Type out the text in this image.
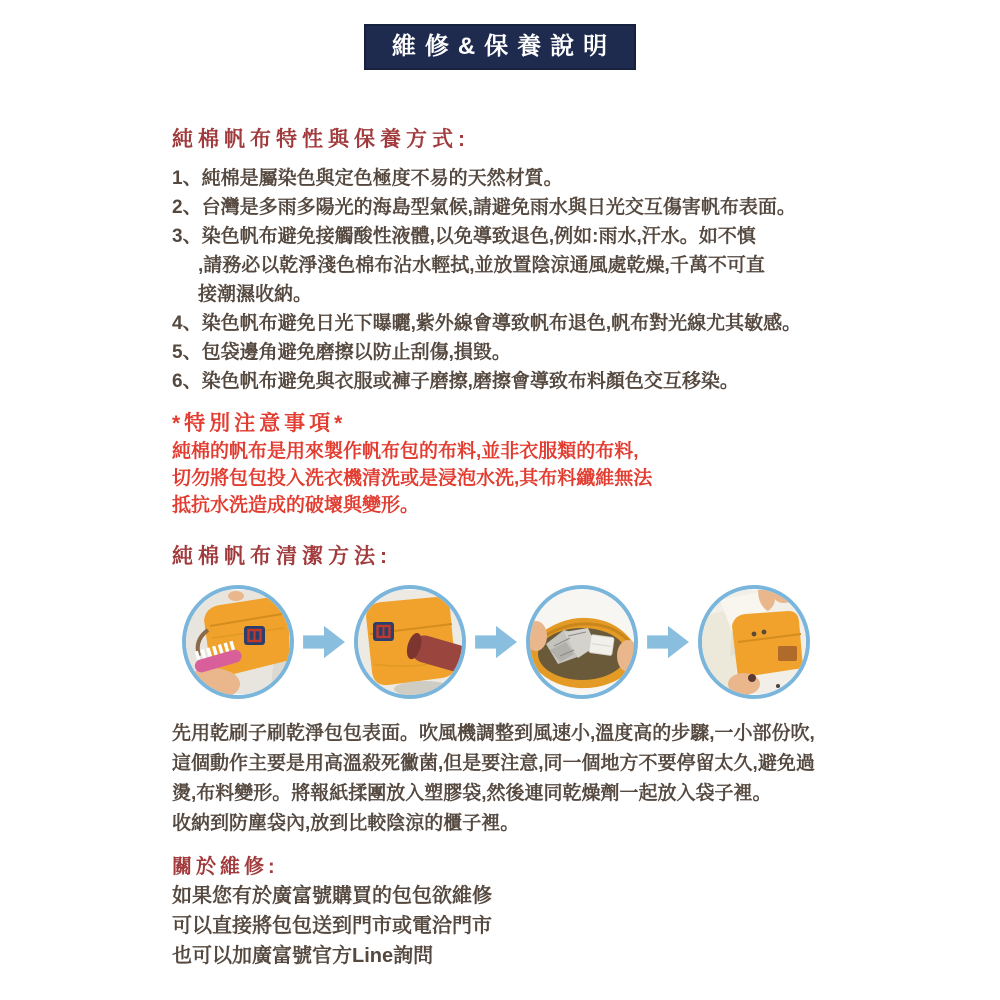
維修&保養說明
純棉帆布特性與保養方式:
1、純棉是屬染色與定色極度不易的天然材質。
2、台灣是多雨多陽光的海島型氣候,請避免雨水與日光交互傷害帆布表面。
3、染色帆布避免接觸酸性液體,以免導致退色,例如:雨水,汗水。如不慎
,請務必以乾淨淺色棉布沾水輕拭,並放置陰涼通風處乾燥,千萬不可直
接潮濕收納。
4、染色帆布避免日光下曝曬,紫外線會導致帆布退色,帆布對光線尤其敏感。
5、包袋邊角避免磨擦以防止刮傷,損毀。
6、染色帆布避免與衣服或褲子磨擦,磨擦會導致布料顏色交互移染。
*特別注意事項*
純棉的帆布是用來製作帆布包的布料,並非衣服類的布料,
切勿將包包投入洗衣機清洗或是浸泡水洗,其布料纖維無法
抵抗水洗造成的破壞與變形。
純棉帆布清潔方法:
先用乾刷子刷乾淨包包表面。吹風機調整到風速小,溫度高的步驟,一小部份吹,
這個動作主要是用高溫殺死黴菌,但是要注意,同一個地方不要停留太久,避免過
燙,布料變形。將報紙揉團放入塑膠袋,然後連同乾燥劑一起放入袋子裡。
收納到防塵袋內,放到比較陰涼的櫃子裡。
關於維修:
如果您有於廣富號購買的包包欲維修
可以直接將包包送到門市或電洽門市
也可以加廣富號官方Line詢問
